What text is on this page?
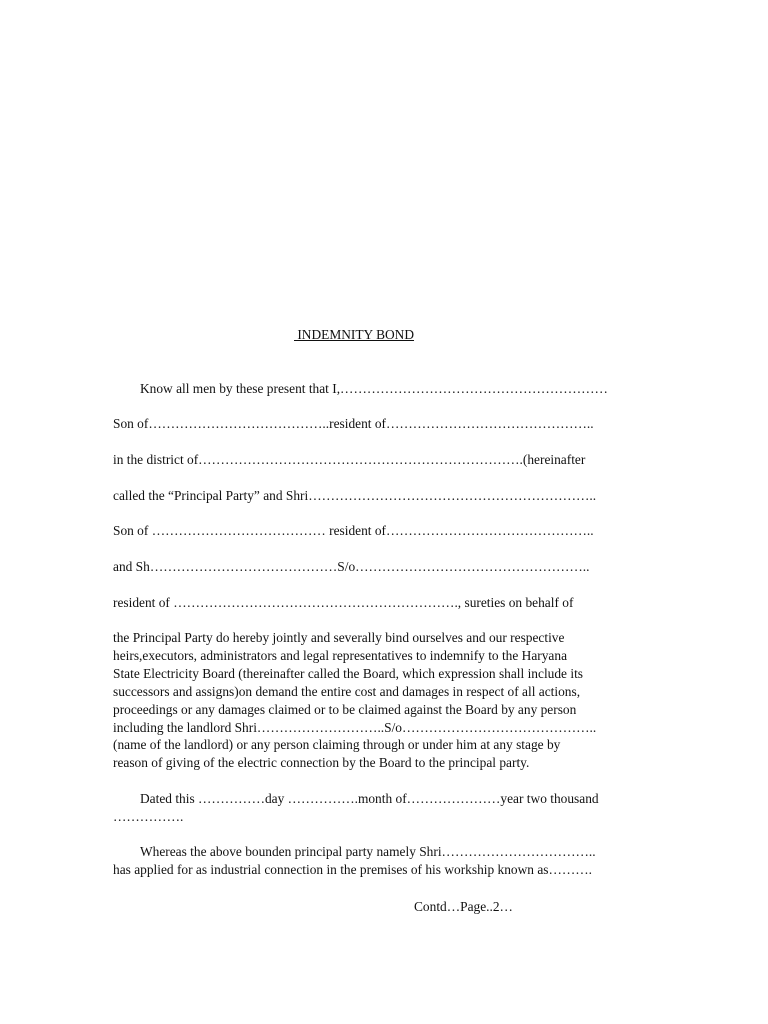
INDEMNITY BOND
Know all men by these present that I,……………………………………………………
Son of…………………………………..resident of………………………………………..
in the district of……………………………………………………………….(hereinafter
called the “Principal Party” and Shri………………………………………………………..
Son of ………………………………… resident of………………………………………..
and Sh……………………………………S/o……………………………………………..
resident of ………………………………………………………., sureties on behalf of
the Principal Party do hereby jointly and severally bind ourselves and our respective
heirs,executors, administrators and legal representatives to indemnify to the Haryana
State Electricity Board (thereinafter called the Board, which expression shall include its
successors and assigns)on demand the entire cost and damages in respect of all actions,
proceedings or any damages claimed or to be claimed against the Board by any person
including the landlord Shri………………………..S/o……………………………………..
(name of the landlord) or any person claiming through or under him at any stage by
reason of giving of the electric connection by the Board to the principal party.
Dated this ……………day …………….month of…………………year two thousand
…………….
Whereas the above bounden principal party namely Shri……………………………..
has applied for as industrial connection in the premises of his workship known as……….
Contd…Page..2…
